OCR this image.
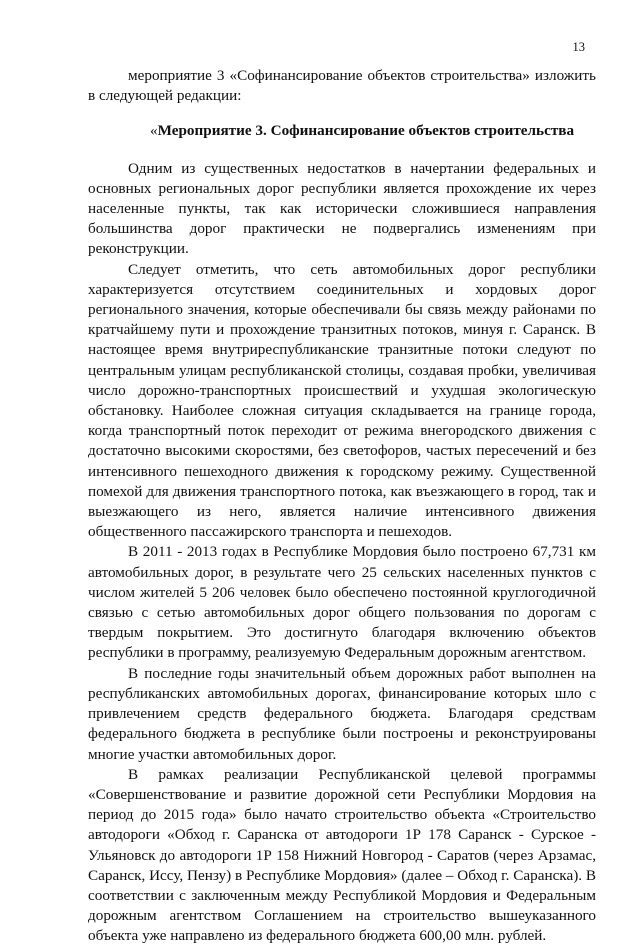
13

мероприятие 3 «Софинансирование объектов строительства» изложить в следующей редакции:

«Мероприятие 3. Софинансирование объектов строительства

Одним из существенных недостатков в начертании федеральных и основных региональных дорог республики является прохождение их через населенные пункты, так как исторически сложившиеся направления большинства дорог практически не подвергались изменениям при реконструкции.

Следует отметить, что сеть автомобильных дорог республики характеризуется отсутствием соединительных и хордовых дорог регионального значения, которые обеспечивали бы связь между районами по кратчайшему пути и прохождение транзитных потоков, минуя г. Саранск. В настоящее время внутриреспубликанские транзитные потоки следуют по центральным улицам республиканской столицы, создавая пробки, увеличивая число дорожно-транспортных происшествий и ухудшая экологическую обстановку. Наиболее сложная ситуация складывается на границе города, когда транспортный поток переходит от режима внегородского движения с достаточно высокими скоростями, без светофоров, частых пересечений и без интенсивного пешеходного движения к городскому режиму. Существенной помехой для движения транспортного потока, как въезжающего в город, так и выезжающего из него, является наличие интенсивного движения общественного пассажирского транспорта и пешеходов.

В 2011 - 2013 годах в Республике Мордовия было построено 67,731 км автомобильных дорог, в результате чего 25 сельских населенных пунктов с числом жителей 5 206 человек было обеспечено постоянной круглогодичной связью с сетью автомобильных дорог общего пользования по дорогам с твердым покрытием. Это достигнуто благодаря включению объектов республики в программу, реализуемую Федеральным дорожным агентством.

В последние годы значительный объем дорожных работ выполнен на республиканских автомобильных дорогах, финансирование которых шло с привлечением средств федерального бюджета. Благодаря средствам федерального бюджета в республике были построены и реконструированы многие участки автомобильных дорог.

В рамках реализации Республиканской целевой программы «Совершенствование и развитие дорожной сети Республики Мордовия на период до 2015 года» было начато строительство объекта «Строительство автодороги «Обход г. Саранска от автодороги 1Р 178 Саранск - Сурское - Ульяновск до автодороги 1Р 158 Нижний Новгород - Саратов (через Арзамас, Саранск, Иссу, Пензу) в Республике Мордовия» (далее – Обход г. Саранска). В соответствии с заключенным между Республикой Мордовия и Федеральным дорожным агентством Соглашением на строительство вышеуказанного объекта уже направлено из федерального бюджета 600,00 млн. рублей.
